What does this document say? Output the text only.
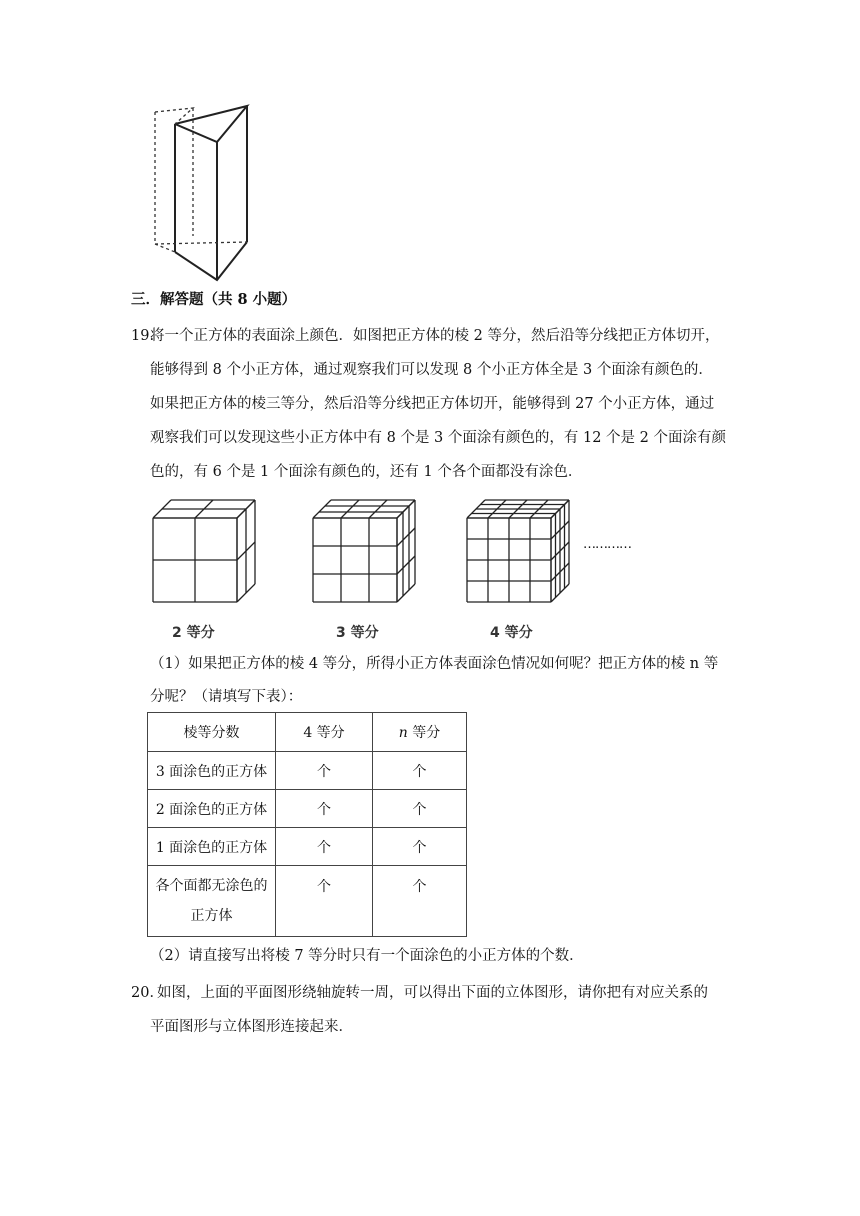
三．解答题（共 8 小题）
19.
将一个正方体的表面涂上颜色．如图把正方体的棱 2 等分，然后沿等分线把正方体切开，
能够得到 8 个小正方体，通过观察我们可以发现 8 个小正方体全是 3 个面涂有颜色的．
如果把正方体的棱三等分，然后沿等分线把正方体切开，能够得到 27 个小正方体，通过
观察我们可以发现这些小正方体中有 8 个是 3 个面涂有颜色的，有 12 个是 2 个面涂有颜
色的，有 6 个是 1 个面涂有颜色的，还有 1 个各个面都没有涂色．
2 等分	3 等分	4 等分
…………
（1）如果把正方体的棱 4 等分，所得小正方体表面涂色情况如何呢？把正方体的棱 n 等
分呢？（请填写下表）：
棱等分数	4 等分	n 等分
3 面涂色的正方体	个	个
2 面涂色的正方体	个	个
1 面涂色的正方体	个	个

各个面都无涂色的
正方体	个	个
（2）请直接写出将棱 7 等分时只有一个面涂色的小正方体的个数．
20．
如图，上面的平面图形绕轴旋转一周，可以得出下面的立体图形，请你把有对应关系的
平面图形与立体图形连接起来．
